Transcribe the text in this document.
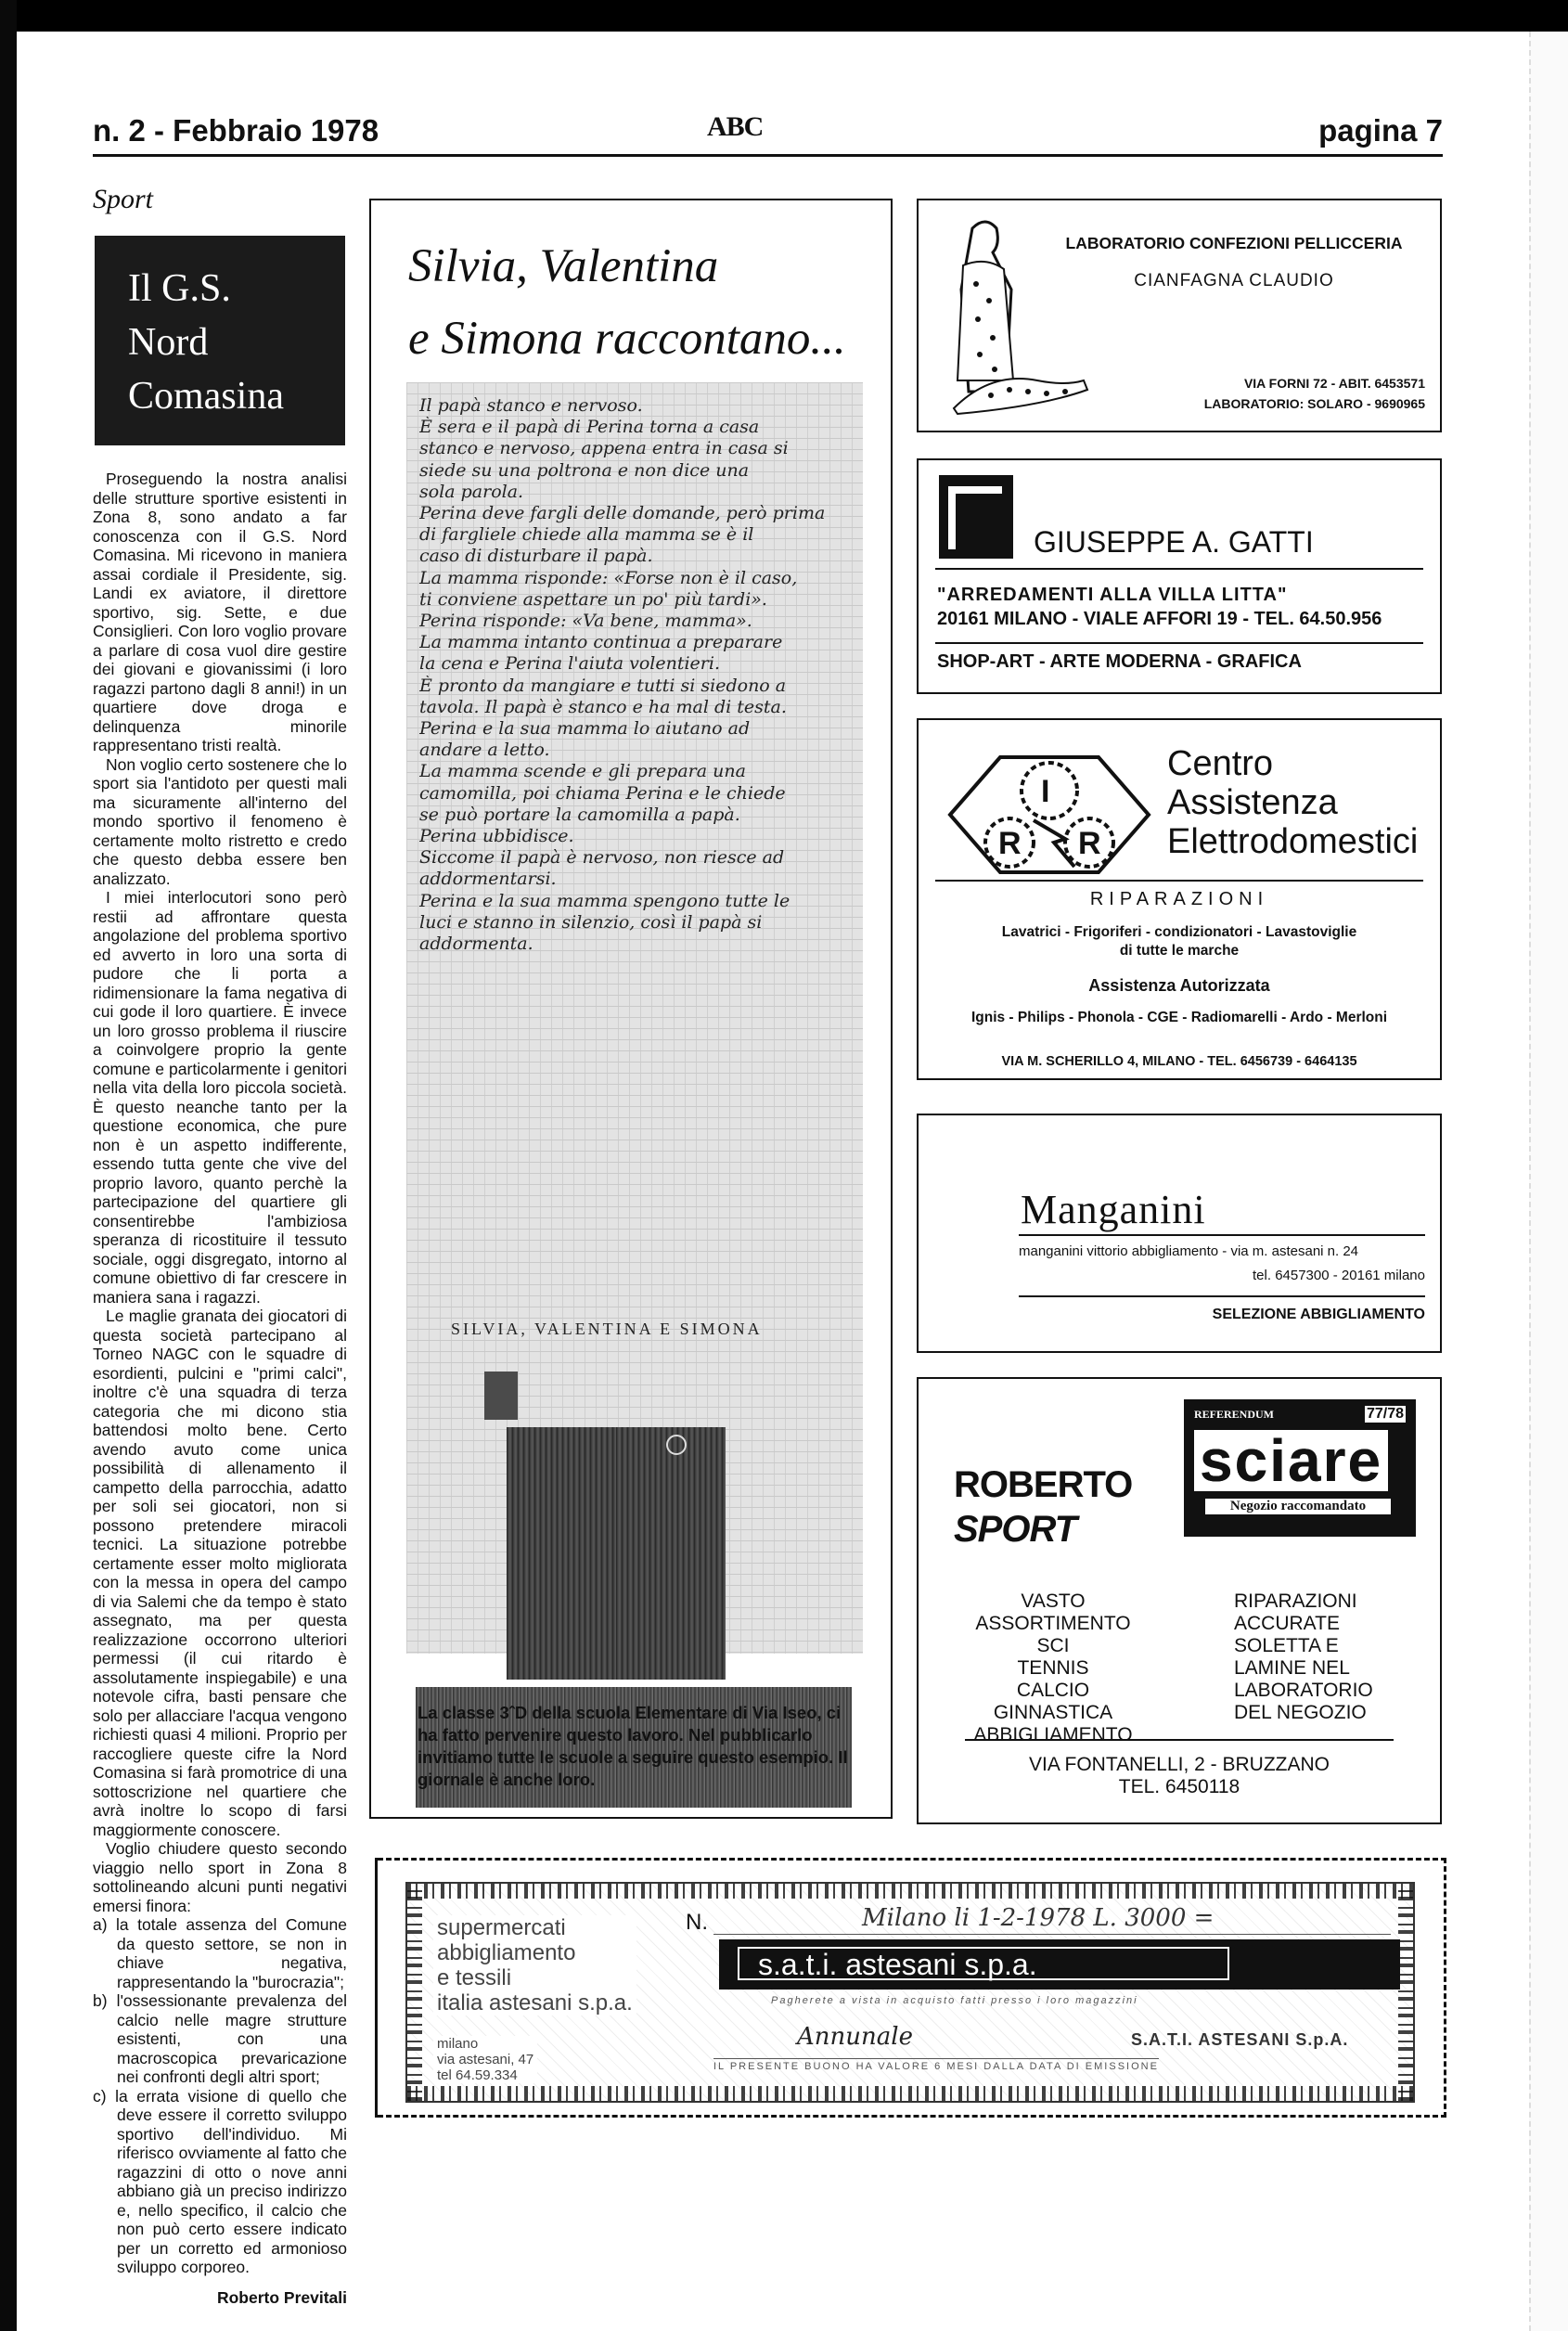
n. 2 - Febbraio 1978	ABC	pagina 7
Sport
Il G.S.
Nord
Comasina

Proseguendo la nostra analisi delle strutture sportive esistenti in Zona 8, sono andato a far conoscenza con il G.S. Nord Comasina. Mi ricevono in maniera assai cordiale il Presidente, sig. Landi ex aviatore, il direttore sportivo, sig. Sette, e due Consiglieri. Con loro voglio provare a parlare di cosa vuol dire gestire dei giovani e giovanissimi (i loro ragazzi partono dagli 8 anni!) in un quartiere dove droga e delinquenza minorile rappresentano tristi realtà.

Non voglio certo sostenere che lo sport sia l'antidoto per questi mali ma sicuramente all'interno del mondo sportivo il fenomeno è certamente molto ristretto e credo che questo debba essere ben analizzato.

I miei interlocutori sono però restii ad affrontare questa angolazione del problema sportivo ed avverto in loro una sorta di pudore che li porta a ridimensionare la fama negativa di cui gode il loro quartiere. È invece un loro grosso problema il riuscire a coinvolgere proprio la gente comune e particolarmente i genitori nella vita della loro piccola società. È questo neanche tanto per la questione economica, che pure non è un aspetto indifferente, essendo tutta gente che vive del proprio lavoro, quanto perchè la partecipazione del quartiere gli consentirebbe l'ambiziosa speranza di ricostituire il tessuto sociale, oggi disgregato, intorno al comune obiettivo di far crescere in maniera sana i ragazzi.

Le maglie granata dei giocatori di questa società partecipano al Torneo NAGC con le squadre di esordienti, pulcini e "primi calci", inoltre c'è una squadra di terza categoria che mi dicono stia battendosi molto bene. Certo avendo avuto come unica possibilità di allenamento il campetto della parrocchia, adatto per soli sei giocatori, non si possono pretendere miracoli tecnici. La situazione potrebbe certamente esser molto migliorata con la messa in opera del campo di via Salemi che da tempo è stato assegnato, ma per questa realizzazione occorrono ulteriori permessi (il cui ritardo è assolutamente inspiegabile) e una notevole cifra, basti pensare che solo per allacciare l'acqua vengono richiesti quasi 4 milioni. Proprio per raccogliere queste cifre la Nord Comasina si farà promotrice di una sottoscrizione nel quartiere che avrà inoltre lo scopo di farsi maggiormente conoscere.

Voglio chiudere questo secondo viaggio nello sport in Zona 8 sottolineando alcuni punti negativi emersi finora:

a) la totale assenza del Comune da questo settore, se non in chiave negativa, rappresentando la "burocrazia";

b) l'ossessionante prevalenza del calcio nelle magre strutture esistenti, con una macroscopica prevaricazione nei confronti degli altri sport;

c) la errata visione di quello che deve essere il corretto sviluppo sportivo dell'individuo. Mi riferisco ovviamente al fatto che ragazzini di otto o nove anni abbiano già un preciso indirizzo e, nello specifico, il calcio che non può certo essere indicato per un corretto ed armonioso sviluppo corporeo.

Roberto Previtali

Silvia, Valentina
e Simona raccontano...
Il papà stanco e nervoso.
È sera e il papà di Perina torna a casa
stanco e nervoso, appena entra in casa si
siede su una poltrona e non dice una
sola parola.
Perina deve fargli delle domande, però prima
di fargliele chiede alla mamma se è il
caso di disturbare il papà.
La mamma risponde: «Forse non è il caso,
ti conviene aspettare un po' più tardi».
Perina risponde: «Va bene, mamma».
La mamma intanto continua a preparare
la cena e Perina l'aiuta volentieri.
È pronto da mangiare e tutti si siedono a
tavola. Il papà è stanco e ha mal di testa.
Perina e la sua mamma lo aiutano ad
andare a letto.
La mamma scende e gli prepara una
camomilla, poi chiama Perina e le chiede
se può portare la camomilla a papà.
Perina ubbidisce.
Siccome il papà è nervoso, non riesce ad
addormentarsi.
Perina e la sua mamma spengono tutte le
luci e stanno in silenzio, così il papà si
addormenta.
SILVIA, VALENTINA E SIMONA
La classe 3ˆD della scuola Elementare di Via Iseo, ci ha fatto pervenire questo lavoro. Nel pubblicarlo invitiamo tutte le scuole a seguire questo esempio. Il giornale è anche loro.
LABORATORIO CONFEZIONI PELLICCERIA
CIANFAGNA CLAUDIO
VIA FORNI 72 - ABIT. 6453571
LABORATORIO: SOLARO - 9690965
GIUSEPPE A. GATTI
"ARREDAMENTI ALLA VILLA LITTA"
20161 MILANO - VIALE AFFORI 19 - TEL. 64.50.956
SHOP-ART - ARTE MODERNA - GRAFICA
I
R R
Centro
Assistenza
Elettrodomestici
RIPARAZIONI
Lavatrici - Frigoriferi - condizionatori - Lavastoviglie
di tutte le marche
Assistenza Autorizzata
Ignis - Philips - Phonola - CGE - Radiomarelli - Ardo - Merloni
VIA M. SCHERILLO 4, MILANO - TEL. 6456739 - 6464135
Manganini
manganini vittorio abbigliamento - via m. astesani n. 24
tel. 6457300 - 20161 milano
SELEZIONE ABBIGLIAMENTO
ROBERTO
SPORT
REFERENDUM	77/78
sciare
Negozio raccomandato
VASTO ASSORTIMENTO
SCI
TENNIS
CALCIO
GINNASTICA
ABBIGLIAMENTO
RIPARAZIONI
ACCURATE
SOLETTA E
LAMINE NEL
LABORATORIO
DEL NEGOZIO
VIA FONTANELLI, 2 - BRUZZANO
TEL. 6450118
supermercati
abbigliamento
e tessili
italia astesani s.p.a.
milano
via astesani, 47
tel 64.59.334
N.	Milano li 1-2-1978 L. 3000 =
s.a.t.i. astesani s.p.a.
Pagherete a vista in acquisto fatti presso i loro magazzini
Annunale	S.A.T.I. ASTESANI S.p.A.
IL PRESENTE BUONO HA VALORE 6 MESI DALLA DATA DI EMISSIONE
